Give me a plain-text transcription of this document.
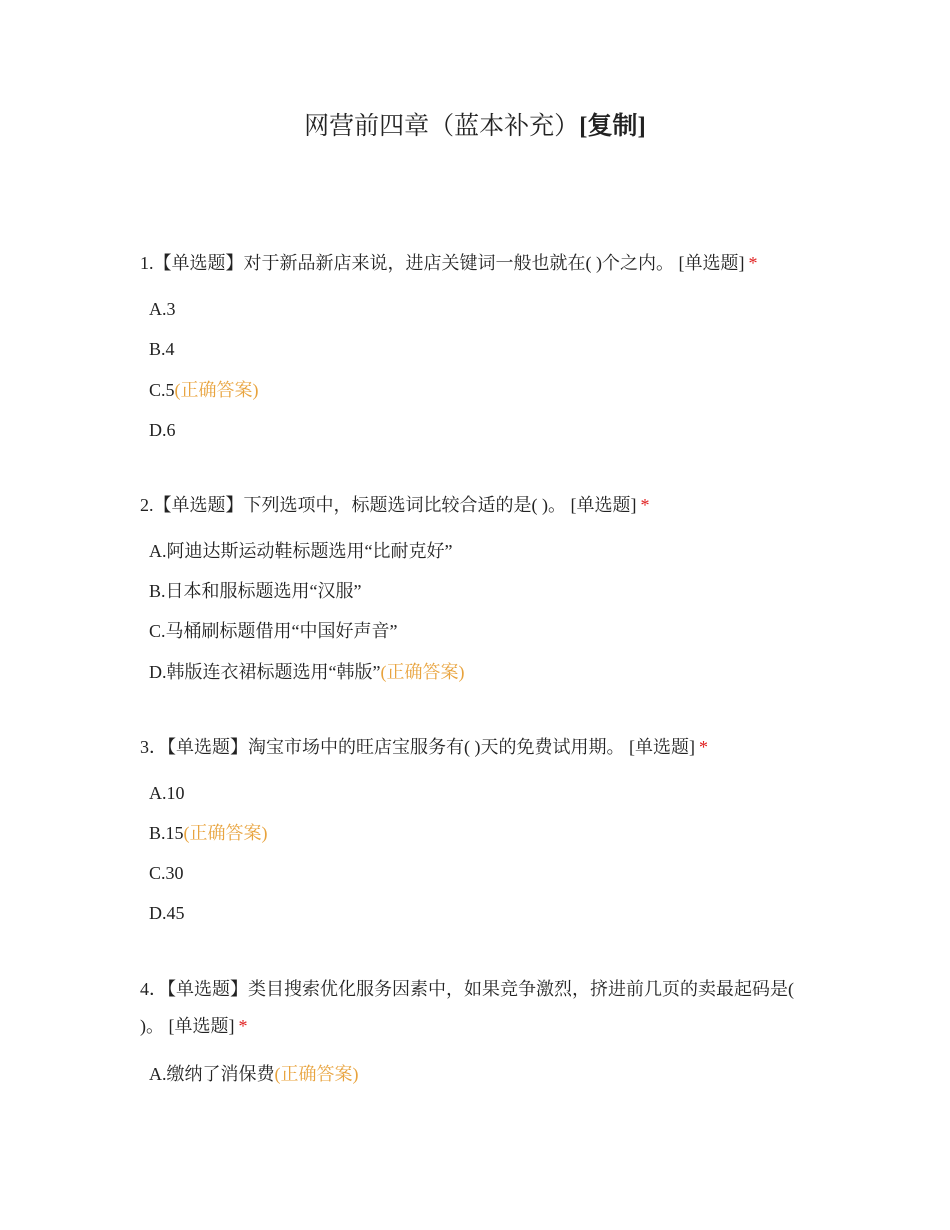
网营前四章（蓝本补充）[复制]
1.【单选题】对于新品新店来说，进店关键词一般也就在( )个之内。 [单选题] *
A.3
B.4
C.5(正确答案)
D.6
2.【单选题】下列选项中，标题选词比较合适的是( )。 [单选题] *
A.阿迪达斯运动鞋标题选用“比耐克好”
B.日本和服标题选用“汉服”
C.马桶刷标题借用“中国好声音”
D.韩版连衣裙标题选用“韩版”(正确答案)
3．【单选题】淘宝市场中的旺店宝服务有( )天的免费试用期。 [单选题] *
A.10
B.15(正确答案)
C.30
D.45
4．【单选题】类目搜索优化服务因素中，如果竞争激烈，挤进前几页的卖最起码是( )。 [单选题] *
A.缴纳了消保费(正确答案)
